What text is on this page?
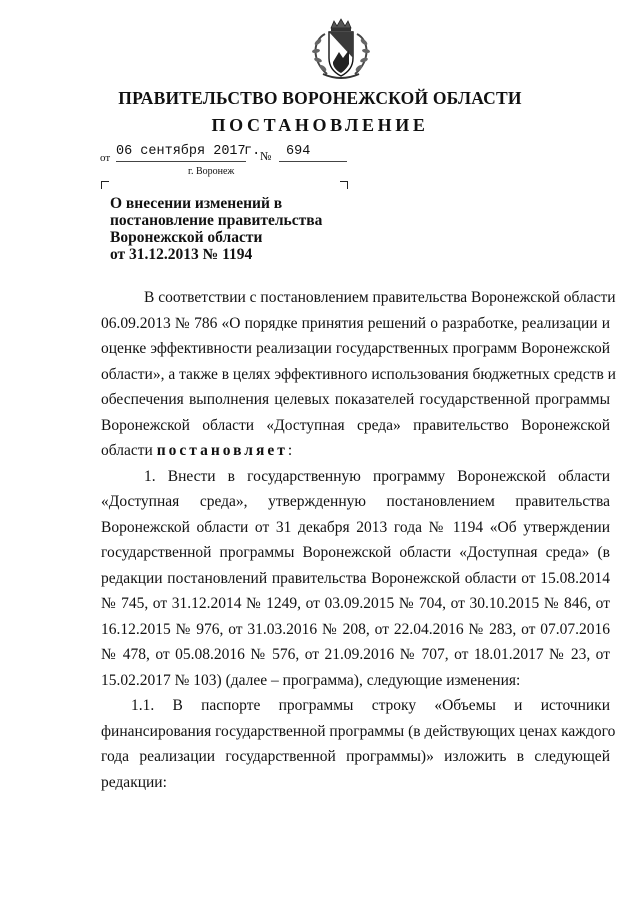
ПРАВИТЕЛЬСТВО ВОРОНЕЖСКОЙ ОБЛАСТИ
ПОСТАНОВЛЕНИЕ
от 06 сентября 2017
г. № 694
г. Воронеж
О внесении изменений в
постановление правительства
Воронежской области
от 31.12.2013 № 1194
В соответствии с постановлением правительства Воронежской области
06.09.2013 № 786 «О порядке принятия решений о разработке, реализации и
оценке эффективности реализации государственных программ Воронежской
области», а также в целях эффективного использования бюджетных средств и
обеспечения выполнения целевых показателей государственной программы
Воронежской области «Доступная среда» правительство Воронежской
области постановляет:
1. Внести в государственную программу Воронежской области
«Доступная среда», утвержденную постановлением правительства
Воронежской области от 31 декабря 2013 года № 1194 «Об утверждении
государственной программы Воронежской области «Доступная среда» (в
редакции постановлений правительства Воронежской области от 15.08.2014
№ 745, от 31.12.2014 № 1249, от 03.09.2015 № 704, от 30.10.2015 № 846, от
16.12.2015 № 976, от 31.03.2016 № 208, от 22.04.2016 № 283, от 07.07.2016
№ 478, от 05.08.2016 № 576, от 21.09.2016 № 707, от 18.01.2017 № 23, от
15.02.2017 № 103) (далее – программа), следующие изменения:
1.1. В паспорте программы строку «Объемы и источники
финансирования государственной программы (в действующих ценах каждого
года реализации государственной программы)» изложить в следующей
редакции:
